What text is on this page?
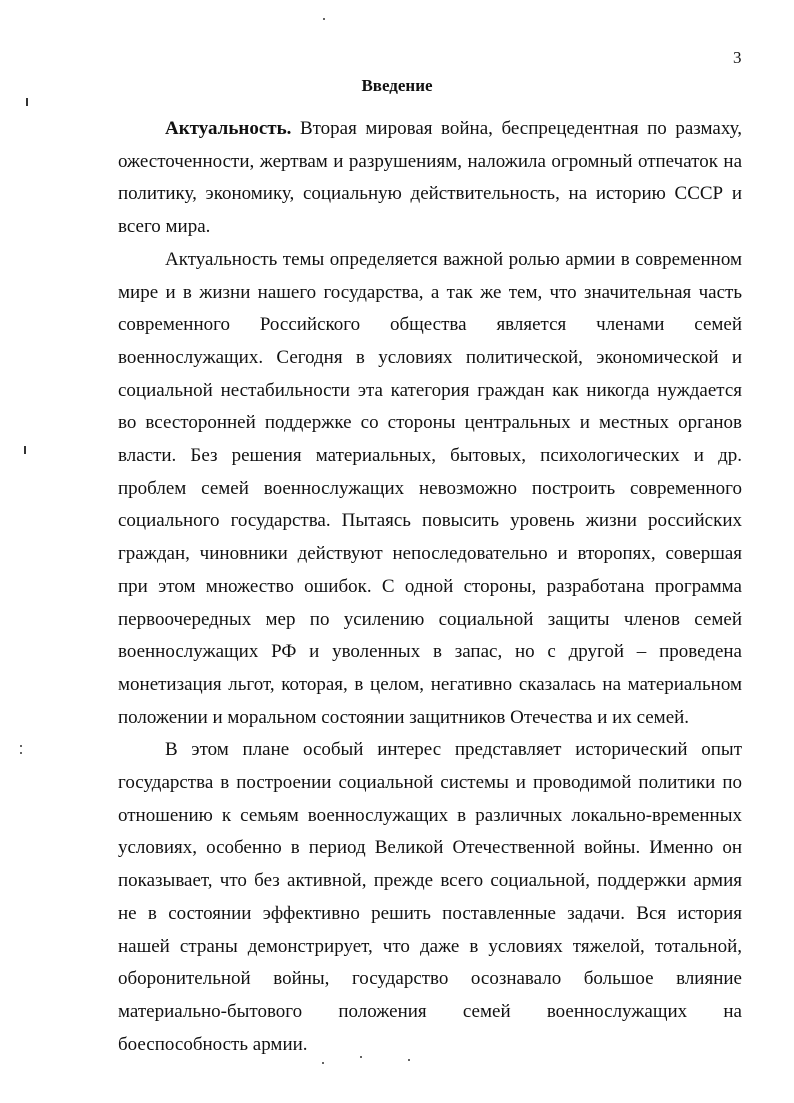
3
Введение

Актуальность. Вторая мировая война, беспрецедентная по размаху, ожесточенности, жертвам и разрушениям, наложила огромный отпечаток на политику, экономику, социальную действительность, на историю СССР и всего мира.

Актуальность темы определяется важной ролью армии в современном мире и в жизни нашего государства, а так же тем, что значительная часть современного Российского общества является членами семей военнослужащих. Сегодня в условиях политической, экономической и социальной нестабильности эта категория граждан как никогда нуждается во всесторонней поддержке со стороны центральных и местных органов власти. Без решения материальных, бытовых, психологических и др. проблем семей военнослужащих невозможно построить современного социального государства. Пытаясь повысить уровень жизни российских граждан, чиновники действуют непоследовательно и второпях, совершая при этом множество ошибок. С одной стороны, разработана программа первоочередных мер по усилению социальной защиты членов семей военнослужащих РФ и уволенных в запас, но с другой – проведена монетизация льгот, которая, в целом, негативно сказалась на материальном положении и моральном состоянии защитников Отечества и их семей.

В этом плане особый интерес представляет исторический опыт государства в построении социальной системы и проводимой политики по отношению к семьям военнослужащих в различных локально-временных условиях, особенно в период Великой Отечественной войны. Именно он показывает, что без активной, прежде всего социальной, поддержки армия не в состоянии эффективно решить поставленные задачи. Вся история нашей страны демонстрирует, что даже в условиях тяжелой, тотальной, оборонительной войны, государство осознавало большое влияние материально-бытового положения семей военнослужащих на боеспособность армии.
